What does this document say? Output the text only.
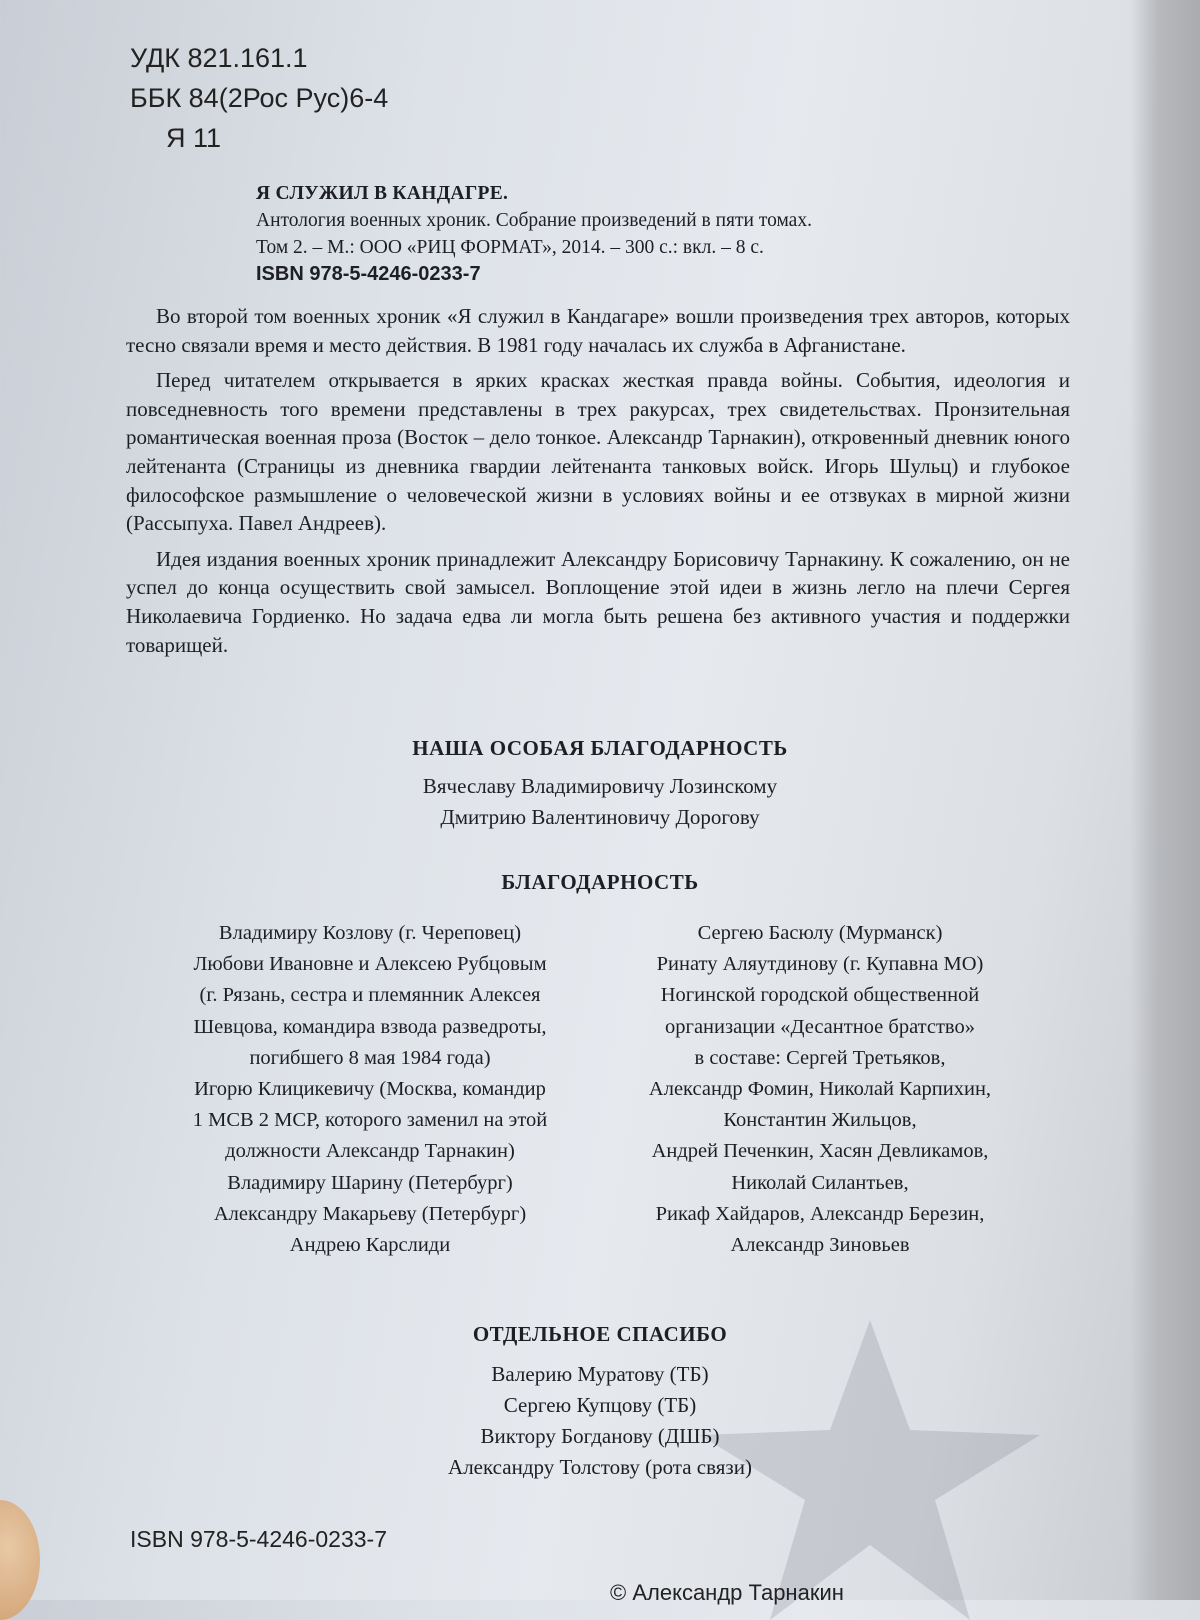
УДК 821.161.1
ББК 84(2Рос Рус)6-4
Я 11
Я СЛУЖИЛ В КАНДАГРЕ.
Антология военных хроник. Собрание произведений в пяти томах.
Том 2. – М.: ООО «РИЦ ФОРМАТ», 2014. – 300 с.: вкл. – 8 с.
ISBN 978-5-4246-0233-7

Во второй том военных хроник «Я служил в Кандагаре» вошли произведения трех авторов, которых тесно связали время и место действия. В 1981 году началась их служба в Афганистане.

Перед читателем открывается в ярких красках жесткая правда войны. События, идеология и повседневность того времени представлены в трех ракурсах, трех свидетельствах. Пронзительная романтическая военная проза (Восток – дело тонкое. Александр Тарнакин), откровенный дневник юного лейтенанта (Страницы из дневника гвардии лейтенанта танковых войск. Игорь Шульц) и глубокое философское размышление о человеческой жизни в условиях войны и ее отзвуках в мирной жизни (Рассыпуха. Павел Андреев).

Идея издания военных хроник принадлежит Александру Борисовичу Тарнакину. К сожалению, он не успел до конца осуществить свой замысел. Воплощение этой идеи в жизнь легло на плечи Сергея Николаевича Гордиенко. Но задача едва ли могла быть решена без активного участия и поддержки товарищей.

НАША ОСОБАЯ БЛАГОДАРНОСТЬ
Вячеславу Владимировичу Лозинскому
Дмитрию Валентиновичу Дорогову
БЛАГОДАРНОСТЬ
Владимиру Козлову (г. Череповец)
Любови Ивановне и Алексею Рубцовым
(г. Рязань, сестра и племянник Алексея
Шевцова, командира взвода разведроты,
погибшего 8 мая 1984 года)
Игорю Клицикевичу (Москва, командир
1 МСВ 2 МСР, которого заменил на этой
должности Александр Тарнакин)
Владимиру Шарину (Петербург)
Александру Макарьеву (Петербург)
Андрею Карслиди
Сергею Басюлу (Мурманск)
Ринату Аляутдинову (г. Купавна МО)
Ногинской городской общественной
организации «Десантное братство»
в составе: Сергей Третьяков,
Александр Фомин, Николай Карпихин,
Константин Жильцов,
Андрей Печенкин, Хасян Девликамов,
Николай Силантьев,
Рикаф Хайдаров, Александр Березин,
Александр Зиновьев
ОТДЕЛЬНОЕ СПАСИБО
Валерию Муратову (ТБ)
Сергею Купцову (ТБ)
Виктору Богданову (ДШБ)
Александру Толстову (рота связи)
ISBN 978-5-4246-0233-7
© Александр Тарнакин
